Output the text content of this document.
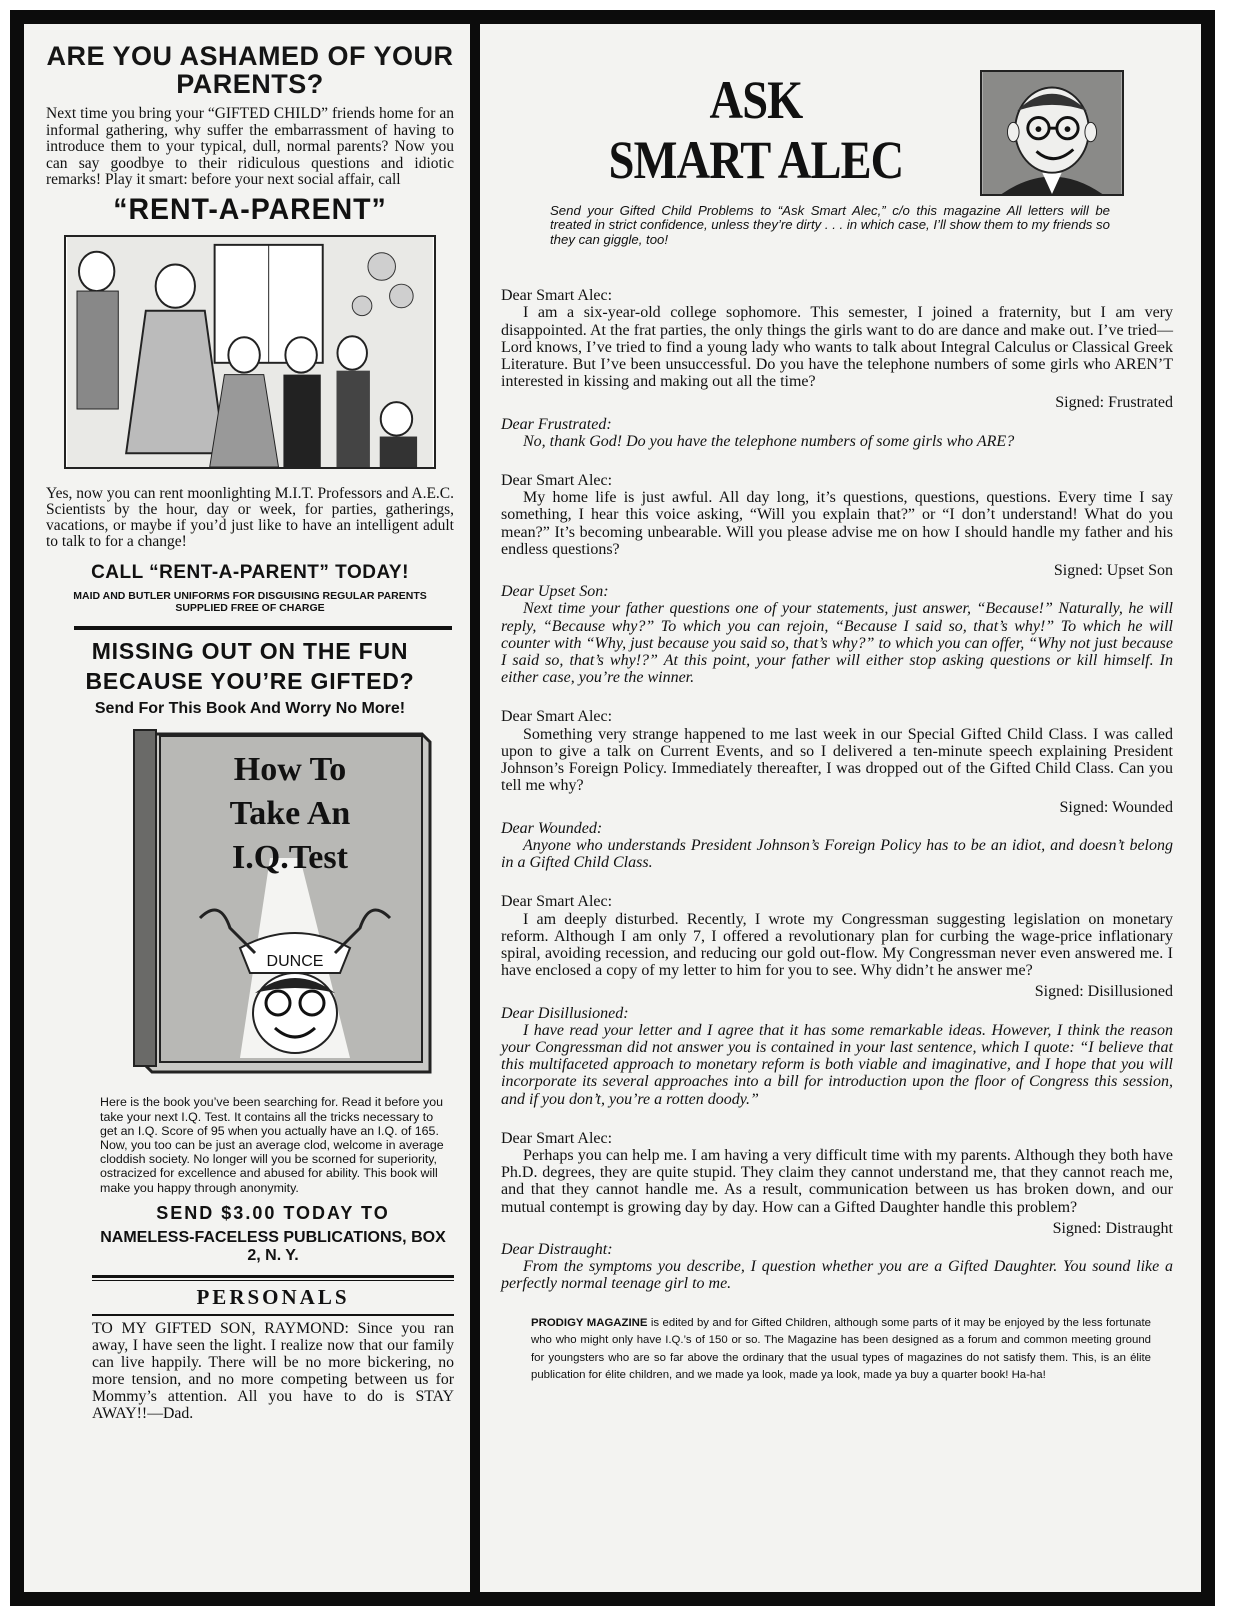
ARE YOU ASHAMED OF YOUR PARENTS?
Next time you bring your “GIFTED CHILD” friends home for an informal gathering, why suffer the embarrassment of having to introduce them to your typical, dull, normal parents? Now you can say goodbye to their ridiculous questions and idiotic remarks! Play it smart: before your next social affair, call
“RENT-A-PARENT”
Yes, now you can rent moonlighting M.I.T. Professors and A.E.C. Scientists by the hour, day or week, for parties, gatherings, vacations, or maybe if you’d just like to have an intelligent adult to talk to for a change!
CALL “RENT-A-PARENT” TODAY!
MAID AND BUTLER UNIFORMS FOR DISGUISING REGULAR PARENTS SUPPLIED FREE OF CHARGE
MISSING OUT ON THE FUN BECAUSE YOU’RE GIFTED?
Send For This Book And Worry No More!
How To
Take An
I.Q.Test
DUNCE
Here is the book you’ve been searching for. Read it before you take your next I.Q. Test. It contains all the tricks necessary to get an I.Q. Score of 95 when you actually have an I.Q. of 165. Now, you too can be just an average clod, welcome in average cloddish society. No longer will you be scorned for superiority, ostracized for excellence and abused for ability. This book will make you happy through anonymity.
SEND $3.00 TODAY TO
NAMELESS-FACELESS PUBLICATIONS, BOX 2, N. Y.
PERSONALS
TO MY GIFTED SON, RAYMOND: Since you ran away, I have seen the light. I realize now that our family can live happily. There will be no more bickering, no more tension, and no more competing between us for Mommy’s attention. All you have to do is STAY AWAY!!—Dad.
ASK
SMART ALEC
Send your Gifted Child Problems to “Ask Smart Alec,” c/o this magazine All letters will be treated in strict confidence, unless they’re dirty . . . in which case, I’ll show them to my friends so they can giggle, too!
Dear Smart Alec:
I am a six-year-old college sophomore. This semester, I joined a fraternity, but I am very disappointed. At the frat parties, the only things the girls want to do are dance and make out. I’ve tried—Lord knows, I’ve tried to find a young lady who wants to talk about Integral Calculus or Classical Greek Literature. But I’ve been unsuccessful. Do you have the telephone numbers of some girls who AREN’T interested in kissing and making out all the time?
Signed: Frustrated
Dear Frustrated:
No, thank God! Do you have the telephone numbers of some girls who ARE?
Dear Smart Alec:
My home life is just awful. All day long, it’s questions, questions, questions. Every time I say something, I hear this voice asking, “Will you explain that?” or “I don’t understand! What do you mean?” It’s becoming unbearable. Will you please advise me on how I should handle my father and his endless questions?
Signed: Upset Son
Dear Upset Son:
Next time your father questions one of your statements, just answer, “Because!” Naturally, he will reply, “Because why?” To which you can rejoin, “Because I said so, that’s why!” To which he will counter with “Why, just because you said so, that’s why?” to which you can offer, “Why not just because I said so, that’s why!?” At this point, your father will either stop asking questions or kill himself. In either case, you’re the winner.
Dear Smart Alec:
Something very strange happened to me last week in our Special Gifted Child Class. I was called upon to give a talk on Current Events, and so I delivered a ten-minute speech explaining President Johnson’s Foreign Policy. Immediately thereafter, I was dropped out of the Gifted Child Class. Can you tell me why?
Signed: Wounded
Dear Wounded:
Anyone who understands President Johnson’s Foreign Policy has to be an idiot, and doesn’t belong in a Gifted Child Class.
Dear Smart Alec:
I am deeply disturbed. Recently, I wrote my Congressman suggesting legislation on monetary reform. Although I am only 7, I offered a revolutionary plan for curbing the wage-price inflationary spiral, avoiding recession, and reducing our gold out-flow. My Congressman never even answered me. I have enclosed a copy of my letter to him for you to see. Why didn’t he answer me?
Signed: Disillusioned
Dear Disillusioned:
I have read your letter and I agree that it has some remarkable ideas. However, I think the reason your Congressman did not answer you is contained in your last sentence, which I quote: “I believe that this multifaceted approach to monetary reform is both viable and imaginative, and I hope that you will incorporate its several approaches into a bill for introduction upon the floor of Congress this session, and if you don’t, you’re a rotten doody.”
Dear Smart Alec:
Perhaps you can help me. I am having a very difficult time with my parents. Although they both have Ph.D. degrees, they are quite stupid. They claim they cannot understand me, that they cannot reach me, and that they cannot handle me. As a result, communication between us has broken down, and our mutual contempt is growing day by day. How can a Gifted Daughter handle this problem?
Signed: Distraught
Dear Distraught:
From the symptoms you describe, I question whether you are a Gifted Daughter. You sound like a perfectly normal teenage girl to me.
PRODIGY MAGAZINE is edited by and for Gifted Children, although some parts of it may be enjoyed by the less fortunate who who might only have I.Q.’s of 150 or so. The Magazine has been designed as a forum and common meeting ground for youngsters who are so far above the ordinary that the usual types of magazines do not satisfy them. This, is an élite publication for élite children, and we made ya look, made ya look, made ya buy a quarter book! Ha-ha!
